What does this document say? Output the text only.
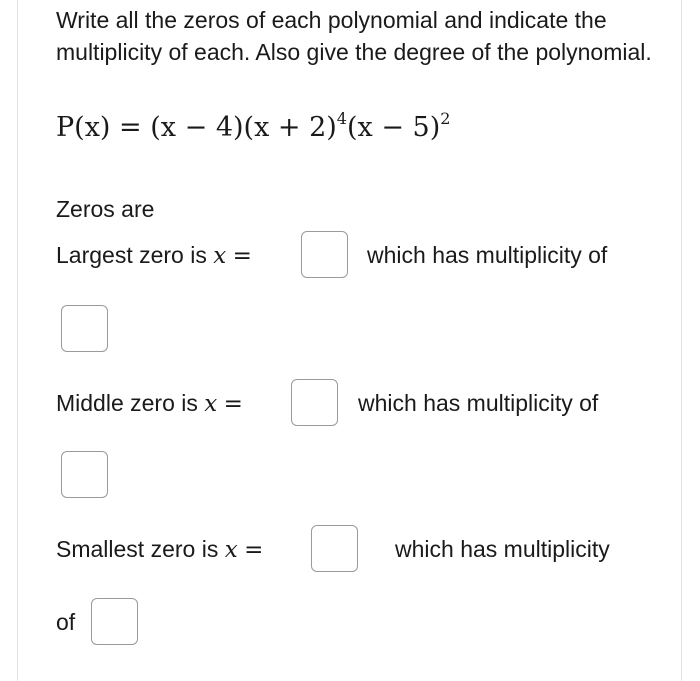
Write all the zeros of each polynomial and indicate the multiplicity of each. Also give the degree of the polynomial.
$P(x) = (x - 4)(x + 2)^4(x - 5)^2$
Zeros are
Largest zero is x =	which has multiplicity of
Middle zero is x =	which has multiplicity of
Smallest zero is x =	which has multiplicity
of
